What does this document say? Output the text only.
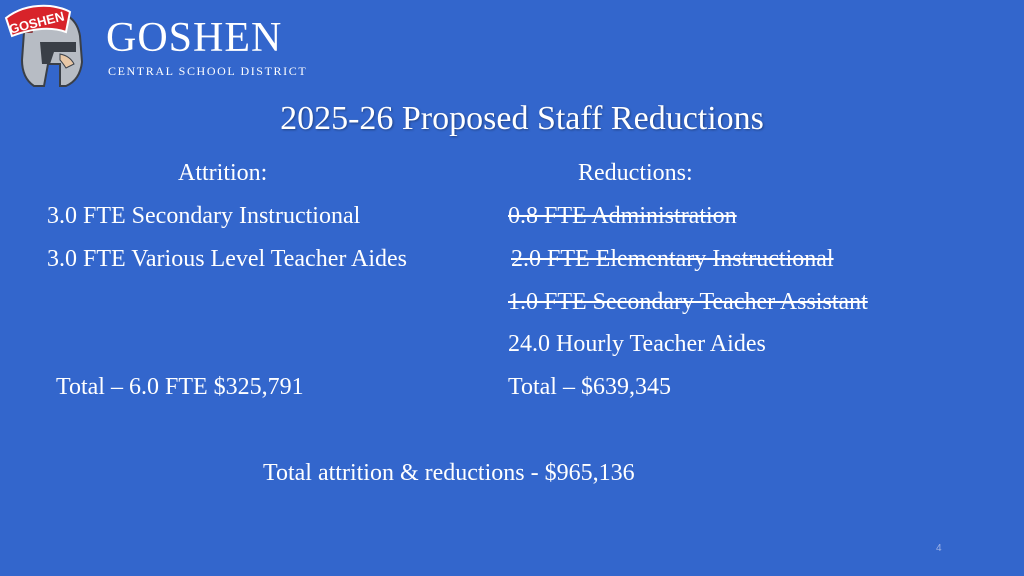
GOSHEN GOSHEN
CENTRAL SCHOOL DISTRICT
2025-26 Proposed Staff Reductions
Attrition:
3.0 FTE Secondary Instructional
3.0 FTE Various Level Teacher Aides
Total – 6.0 FTE $325,791
Reductions:
0.8 FTE Administration
2.0 FTE Elementary Instructional
1.0 FTE Secondary Teacher Assistant
24.0 Hourly Teacher Aides
Total – $639,345
Total attrition & reductions - $965,136
4
